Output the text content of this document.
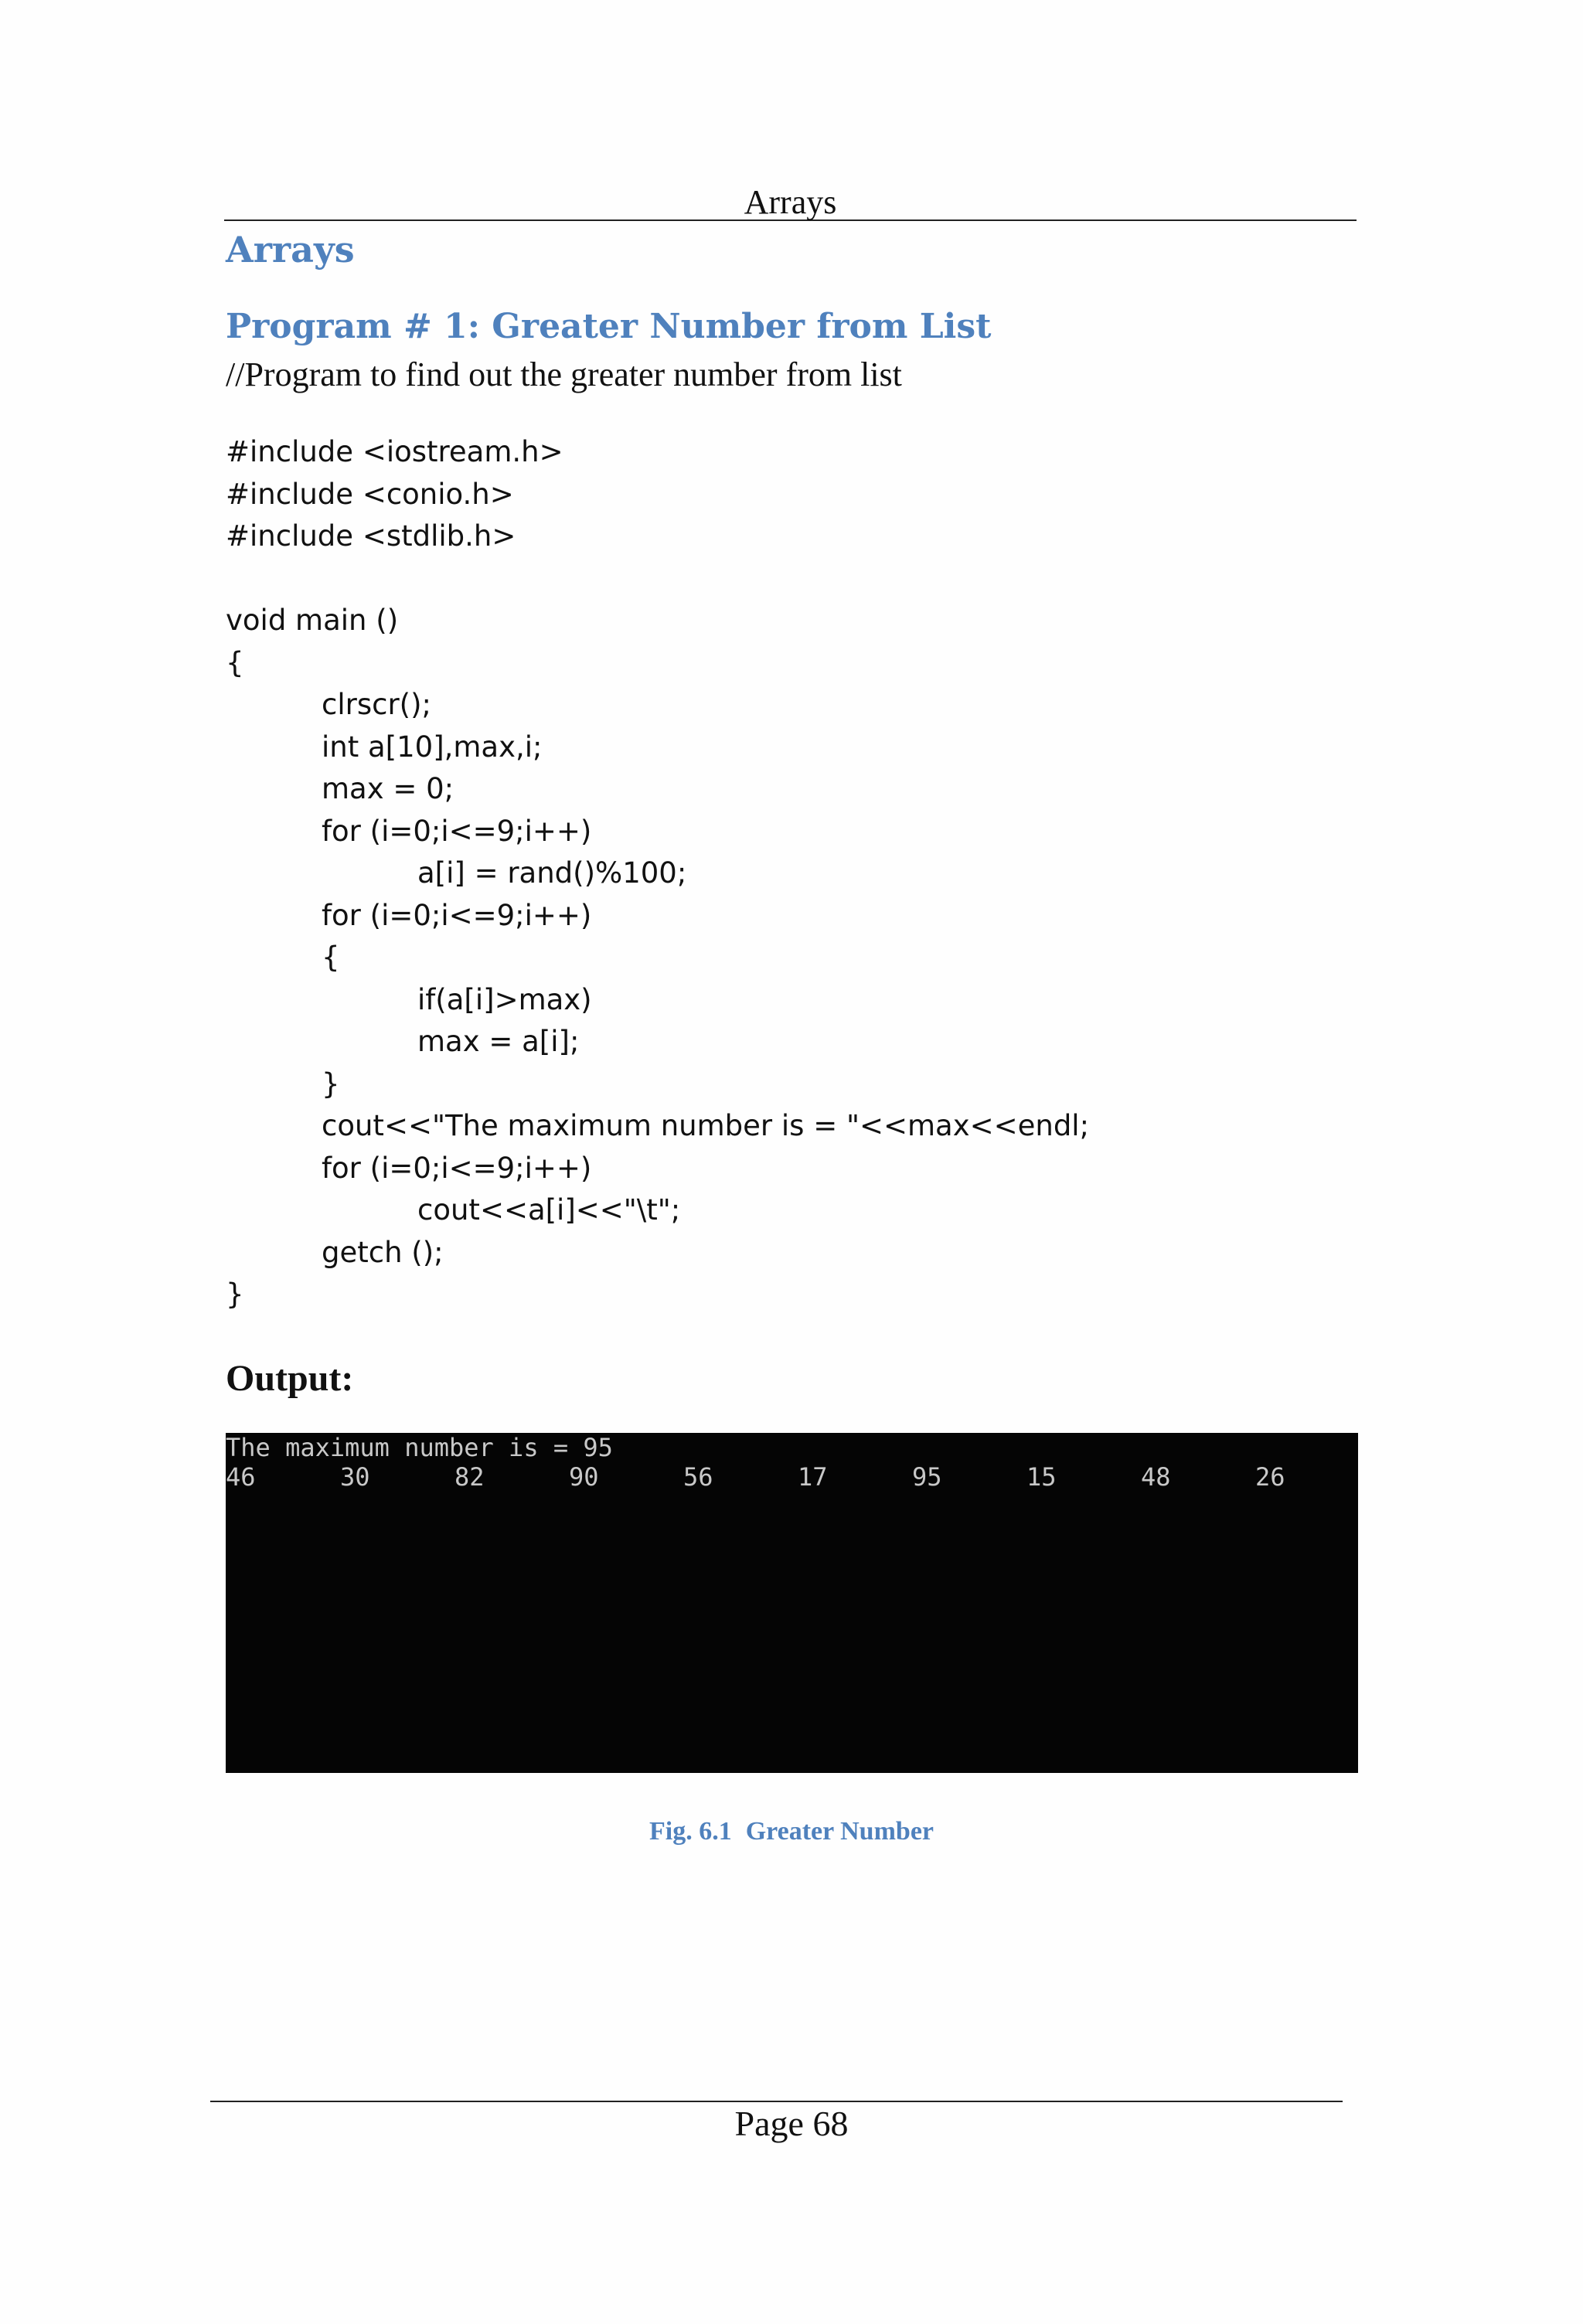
Arrays
Arrays
Program # 1: Greater Number from List

//Program to find out the greater number from list

#include <iostream.h>
#include <conio.h>
#include <stdlib.h>
void main ()
{
clrscr();
int a[10],max,i;
max = 0;
for (i=0;i<=9;i++)
a[i] = rand()%100;
for (i=0;i<=9;i++)
{
if(a[i]>max)
max = a[i];
}
cout<<"The maximum number is = "<<max<<endl;
for (i=0;i<=9;i++)
cout<<a[i]<<"\t";
getch ();
}

Output:

The maximum number is = 95
46	30	82	90	56	17	95	15	48	26

Fig. 6.1 Greater Number

Page 68
